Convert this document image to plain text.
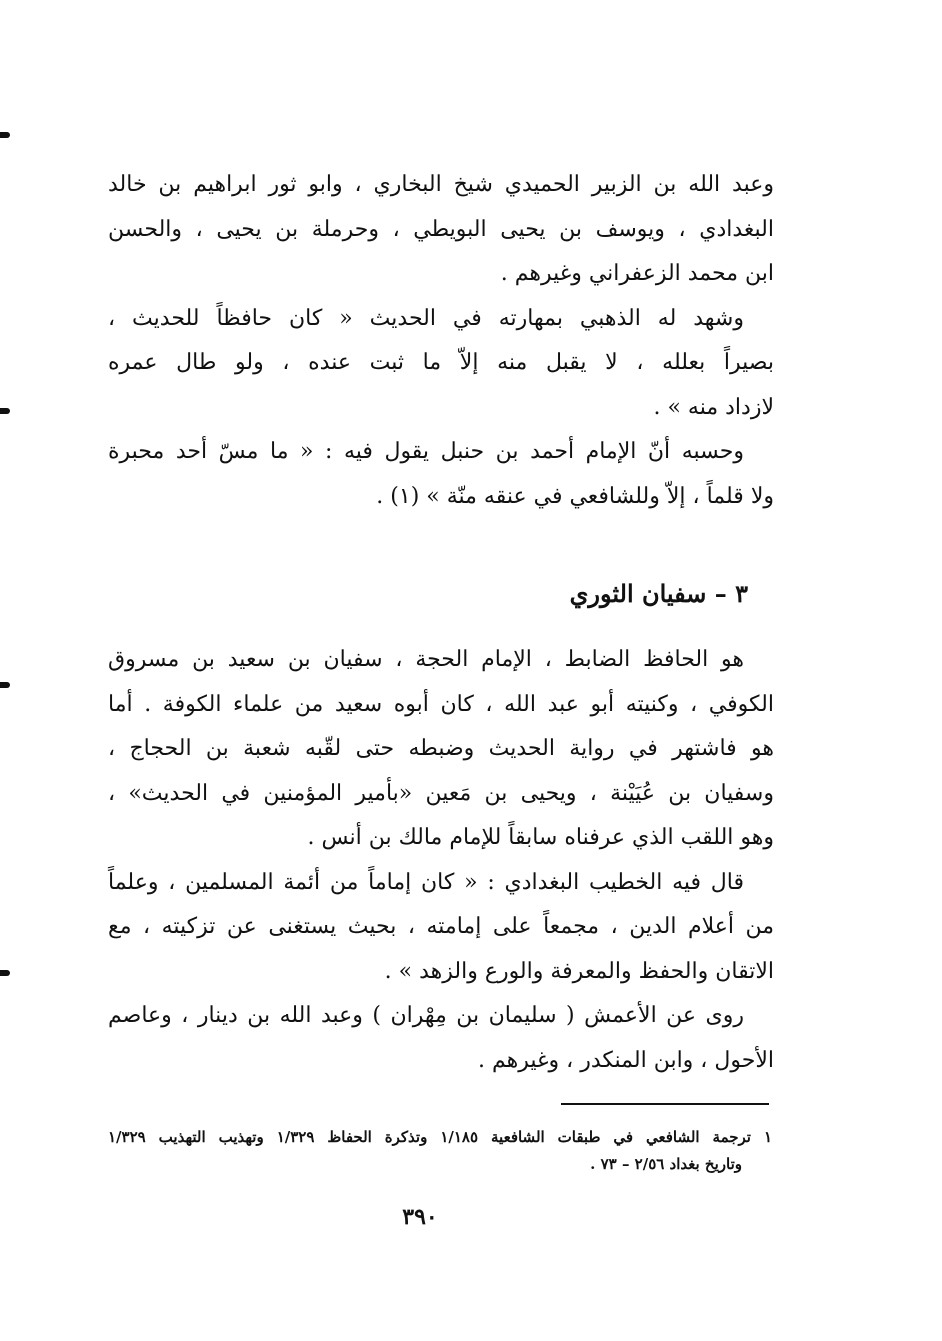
وعبد الله بن الزبير الحميدي شيخ البخاري ، وابو ثور ابراهيم بن خالد
البغدادي ، ويوسف بن يحيى البويطي ، وحرملة بن يحيى ، والحسن
ابن محمد الزعفراني وغيرهم .
وشهد له الذهبي بمهارته في الحديث « كان حافظاً للحديث ،
بصيراً بعلله ، لا يقبل منه إلاّ ما ثبت عنده ، ولو طال عمره
لازداد منه » .
وحسبه أنّ الإمام أحمد بن حنبل يقول فيه : « ما مسّ أحد محبرة
ولا قلماً ، إلاّ وللشافعي في عنقه منّة » (١) .
٣ – سفيان الثوري
هو الحافظ الضابط ، الإمام الحجة ، سفيان بن سعيد بن مسروق
الكوفي ، وكنيته أبو عبد الله ، كان أبوه سعيد من علماء الكوفة . أما
هو فاشتهر في رواية الحديث وضبطه حتى لقّبه شعبة بن الحجاج ،
وسفيان بن عُيَيْنة ، ويحيى بن مَعين «بأمير المؤمنين في الحديث» ،
وهو اللقب الذي عرفناه سابقاً للإمام مالك بن أنس .
قال فيه الخطيب البغدادي : « كان إماماً من أئمة المسلمين ، وعلماً
من أعلام الدين ، مجمعاً على إمامته ، بحيث يستغنى عن تزكيته ، مع
الاتقان والحفظ والمعرفة والورع والزهد » .
روى عن الأعمش ( سليمان بن مِهْران ) وعبد الله بن دينار ، وعاصم
الأحول ، وابن المنكدر ، وغيرهم .
١ ترجمة الشافعي في طبقات الشافعية ١/١٨٥ وتذكرة الحفاظ ١/٣٢٩ وتهذيب التهذيب ١/٣٢٩
وتاريخ بغداد ٢/٥٦ – ٧٣ .
٣٩٠
